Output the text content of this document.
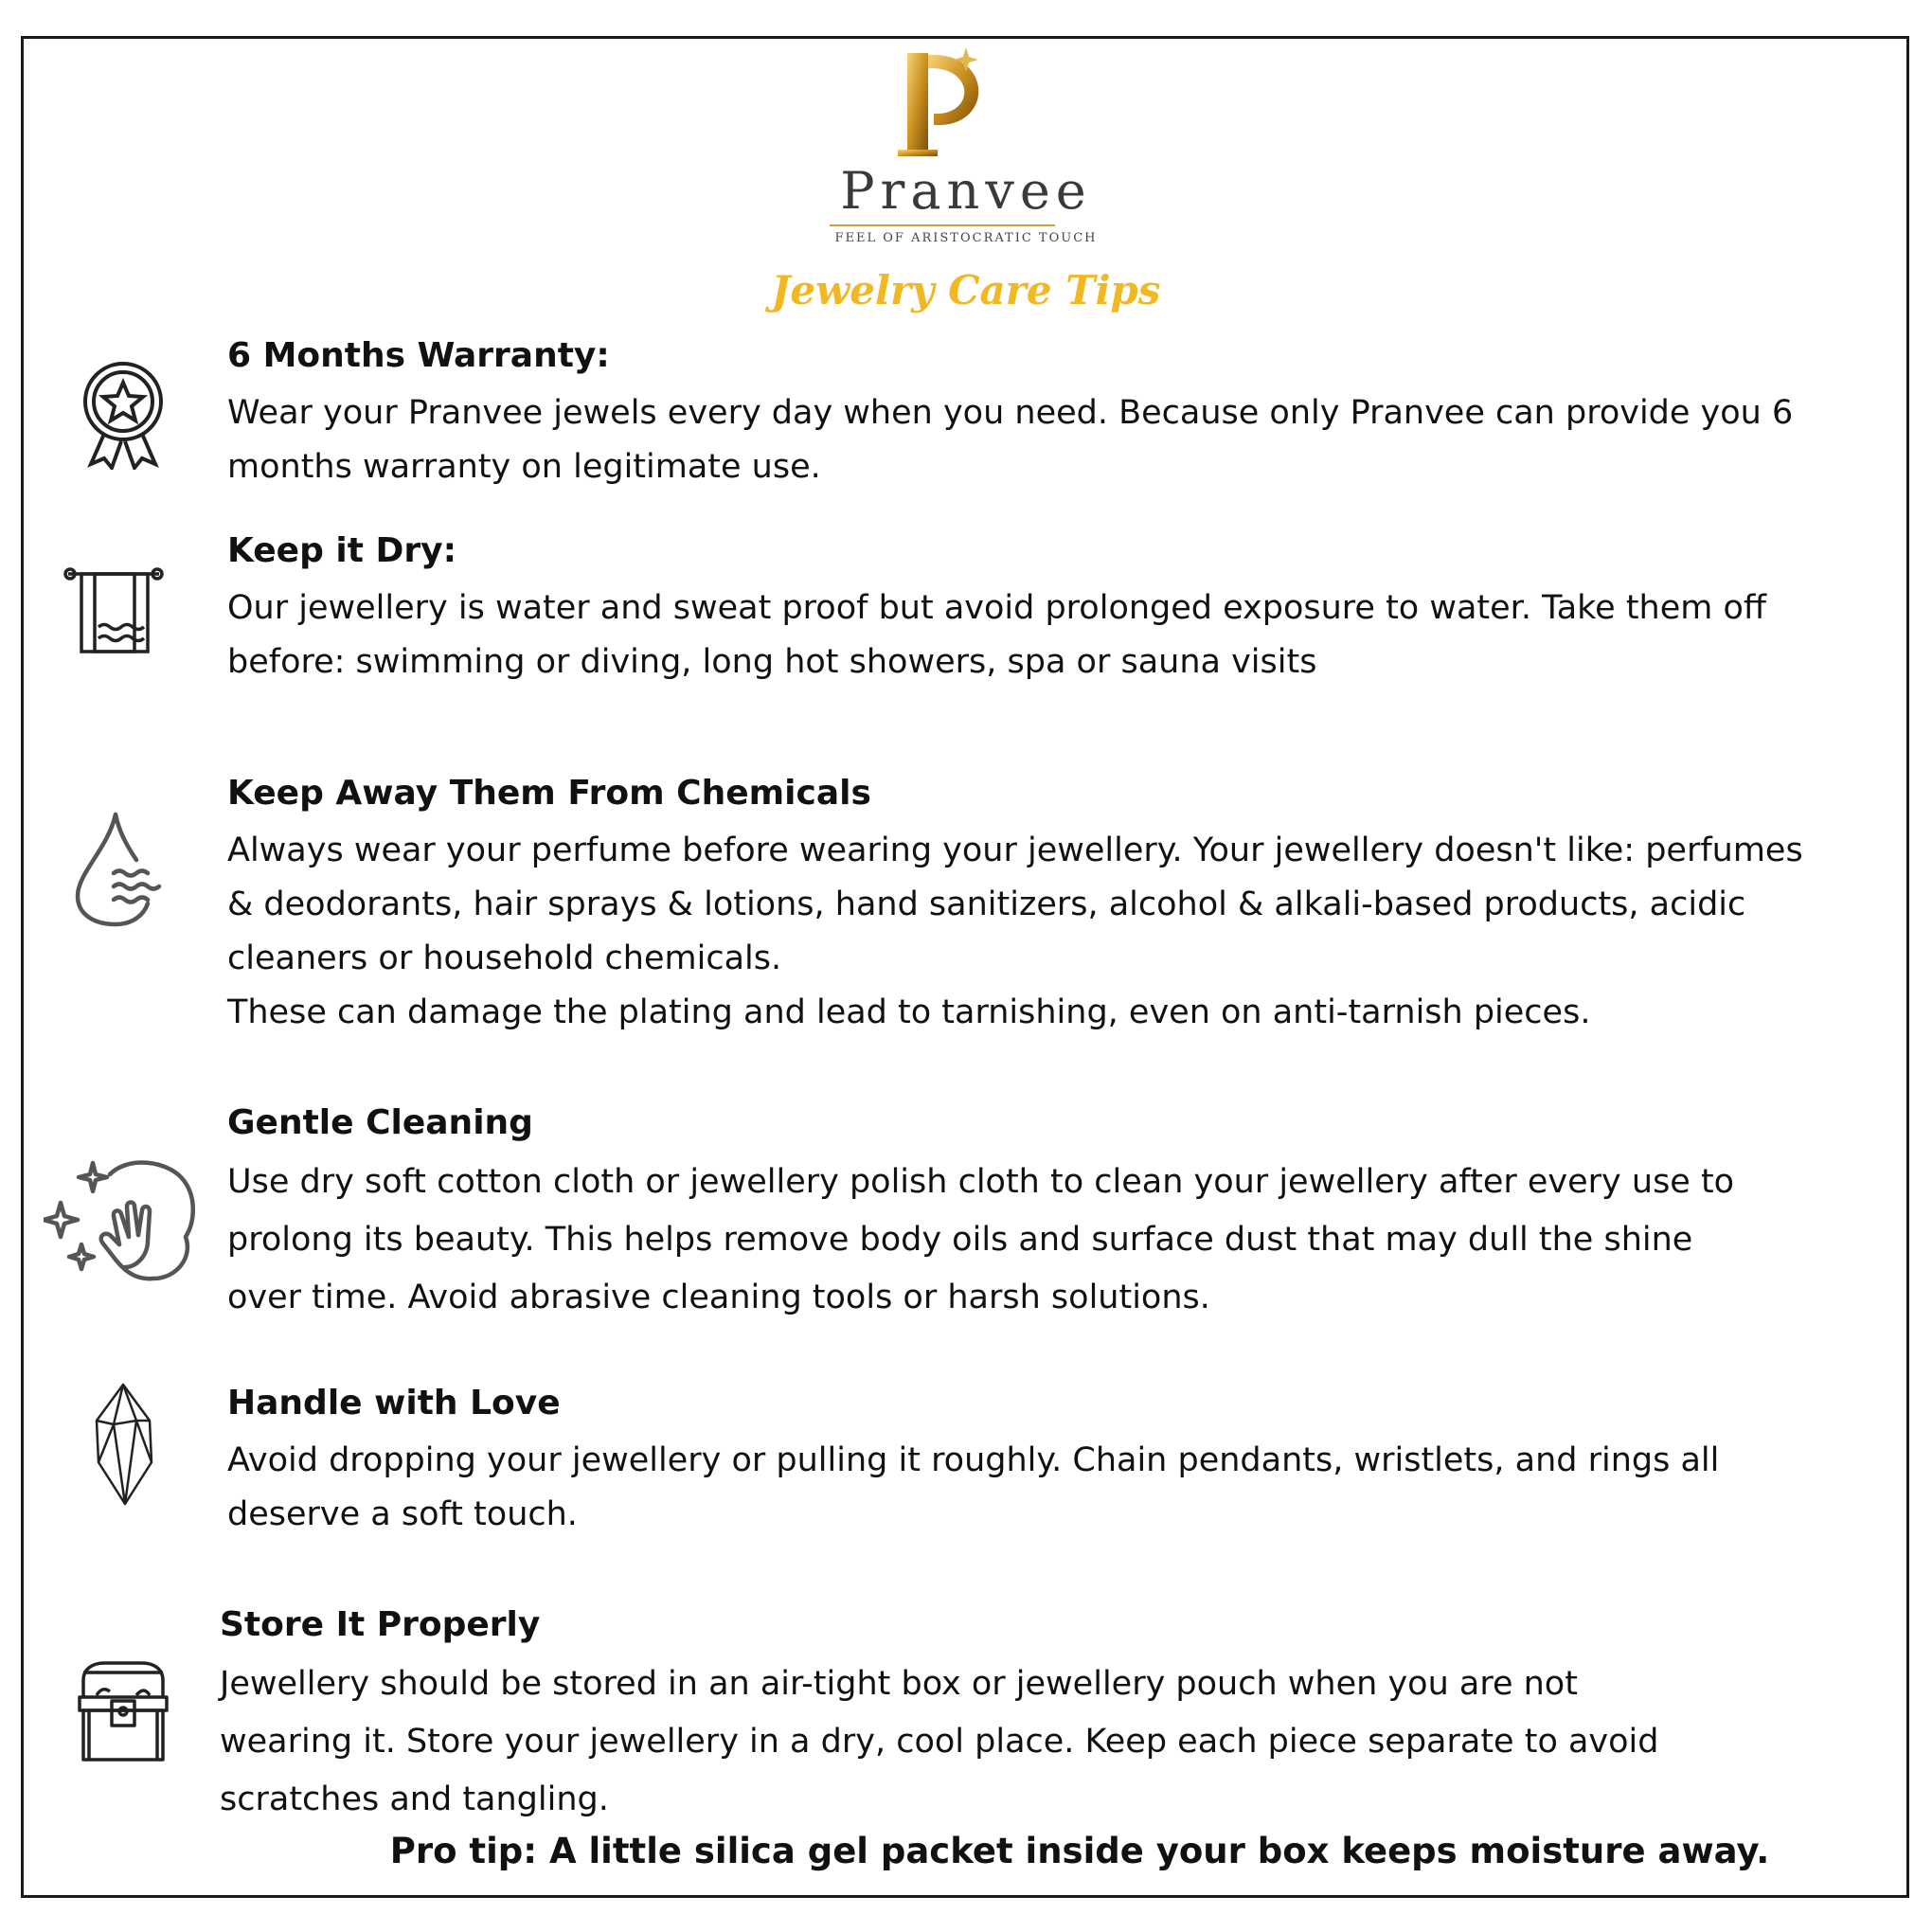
Pranvee
FEEL OF ARISTOCRATIC TOUCH
Jewelry Care Tips
6 Months Warranty:

Wear your Pranvee jewels every day when you need. Because only Pranvee can provide you 6
months warranty on legitimate use.

Keep it Dry:

Our jewellery is water and sweat proof but avoid prolonged exposure to water. Take them off
before: swimming or diving, long hot showers, spa or sauna visits

Keep Away Them From Chemicals

Always wear your perfume before wearing your jewellery. Your jewellery doesn't like: perfumes
& deodorants, hair sprays & lotions, hand sanitizers, alcohol & alkali-based products, acidic
cleaners or household chemicals.
These can damage the plating and lead to tarnishing, even on anti-tarnish pieces.

Gentle Cleaning

Use dry soft cotton cloth or jewellery polish cloth to clean your jewellery after every use to
prolong its beauty. This helps remove body oils and surface dust that may dull the shine
over time. Avoid abrasive cleaning tools or harsh solutions.

Handle with Love

Avoid dropping your jewellery or pulling it roughly. Chain pendants, wristlets, and rings all
deserve a soft touch.

Store It Properly

Jewellery should be stored in an air-tight box or jewellery pouch when you are not
wearing it. Store your jewellery in a dry, cool place. Keep each piece separate to avoid
scratches and tangling.

Pro tip: A little silica gel packet inside your box keeps moisture away.
